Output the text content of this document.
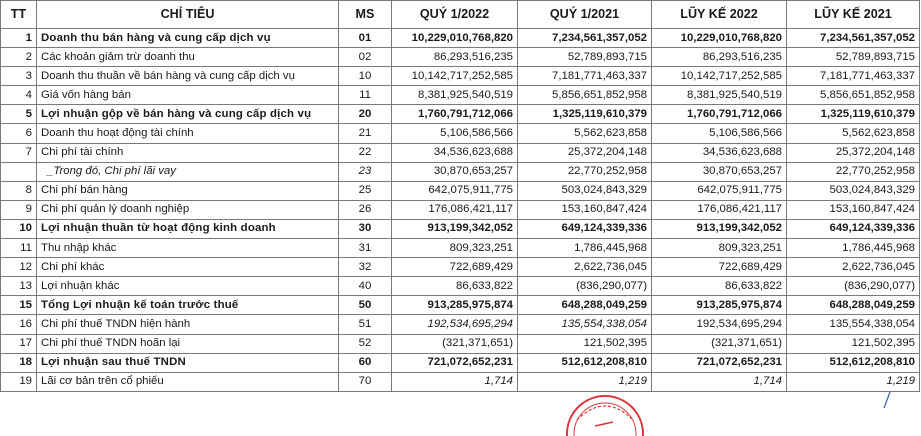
TT	CHỈ TIÊU	MS	QUÝ 1/2022	QUÝ 1/2021	LŨY KẾ 2022	LŨY KẾ 2021
1	Doanh thu bán hàng và cung cấp dịch vụ	01	10,229,010,768,820	7,234,561,357,052	10,229,010,768,820	7,234,561,357,052
2	Các khoản giảm trừ doanh thu	02	86,293,516,235	52,789,893,715	86,293,516,235	52,789,893,715
3	Doanh thu thuần về bán hàng và cung cấp dịch vụ	10	10,142,717,252,585	7,181,771,463,337	10,142,717,252,585	7,181,771,463,337
4	Giá vốn hàng bán	11	8,381,925,540,519	5,856,651,852,958	8,381,925,540,519	5,856,651,852,958
5	Lợi nhuận gộp về bán hàng và cung cấp dịch vụ	20	1,760,791,712,066	1,325,119,610,379	1,760,791,712,066	1,325,119,610,379
6	Doanh thu hoạt động tài chính	21	5,106,586,566	5,562,623,858	5,106,586,566	5,562,623,858
7	Chi phí tài chính	22	34,536,623,688	25,372,204,148	34,536,623,688	25,372,204,148
	_Trong đó, Chi phí lãi vay	23	30,870,653,257	22,770,252,958	30,870,653,257	22,770,252,958
8	Chi phí bán hàng	25	642,075,911,775	503,024,843,329	642,075,911,775	503,024,843,329
9	Chi phí quản lý doanh nghiệp	26	176,086,421,117	153,160,847,424	176,086,421,117	153,160,847,424
10	Lợi nhuận thuần từ hoạt động kinh doanh	30	913,199,342,052	649,124,339,336	913,199,342,052	649,124,339,336
11	Thu nhập khác	31	809,323,251	1,786,445,968	809,323,251	1,786,445,968
12	Chi phí khác	32	722,689,429	2,622,736,045	722,689,429	2,622,736,045
13	Lợi nhuận khác	40	86,633,822	(836,290,077)	86,633,822	(836,290,077)
15	Tổng Lợi nhuận kế toán trước thuế	50	913,285,975,874	648,288,049,259	913,285,975,874	648,288,049,259
16	Chi phí thuế TNDN hiện hành	51	192,534,695,294	135,554,338,054	192,534,695,294	135,554,338,054
17	Chi phí thuế TNDN hoãn lại	52	(321,371,651)	121,502,395	(321,371,651)	121,502,395
18	Lợi nhuận sau thuế TNDN	60	721,072,652,231	512,612,208,810	721,072,652,231	512,612,208,810
19	Lãi cơ bản trên cổ phiếu	70	1,714	1,219	1,714	1,219
